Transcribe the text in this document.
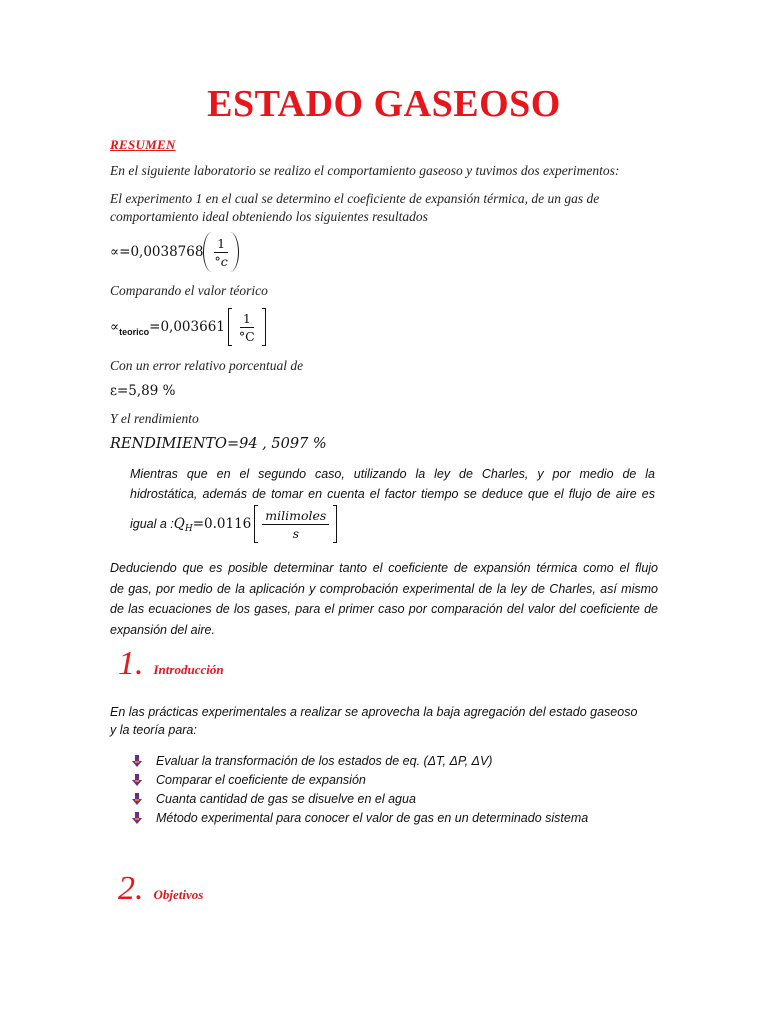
ESTADO GASEOSO
RESUMEN
En el siguiente laboratorio se realizo el comportamiento gaseoso y tuvimos dos experimentos:
El experimento 1 en el cual se determino el coeficiente de expansión térmica, de un gas de
comportamiento ideal obteniendo los siguientes resultados
$\propto=0,0038768 \frac{1}{^\circ c}$
Comparando el valor téorico
∝ teorico $=0,003661 \frac{1}{^\circ C}$
Con un error relativo porcentual de
ε=5,89 %
Y el rendimiento
RENDIMIENTO=94 , 5097 %
Mientras que en el segundo caso, utilizando la ley de Charles, y por medio de la
hidrostática, además de tomar en cuenta el factor tiempo se deduce que el flujo de aire es
igual a : Q $H =0.0116 \frac{\text{milimoles}}{s}$
Deduciendo que es posible determinar tanto el coeficiente de expansión térmica como el flujo
de gas, por medio de la aplicación y comprobación experimental de la ley de Charles, así mismo
de las ecuaciones de los gases, para el primer caso por comparación del valor del coeficiente de
expansión del aire.
1. Introducción
En las prácticas experimentales a realizar se aprovecha la baja agregación del estado gaseoso
y la teoría para:
Evaluar la transformación de los estados de eq. (ΔT, ΔP, ΔV)
Comparar el coeficiente de expansión
Cuanta cantidad de gas se disuelve en el agua
Método experimental para conocer el valor de gas en un determinado sistema
2. Objetivos
